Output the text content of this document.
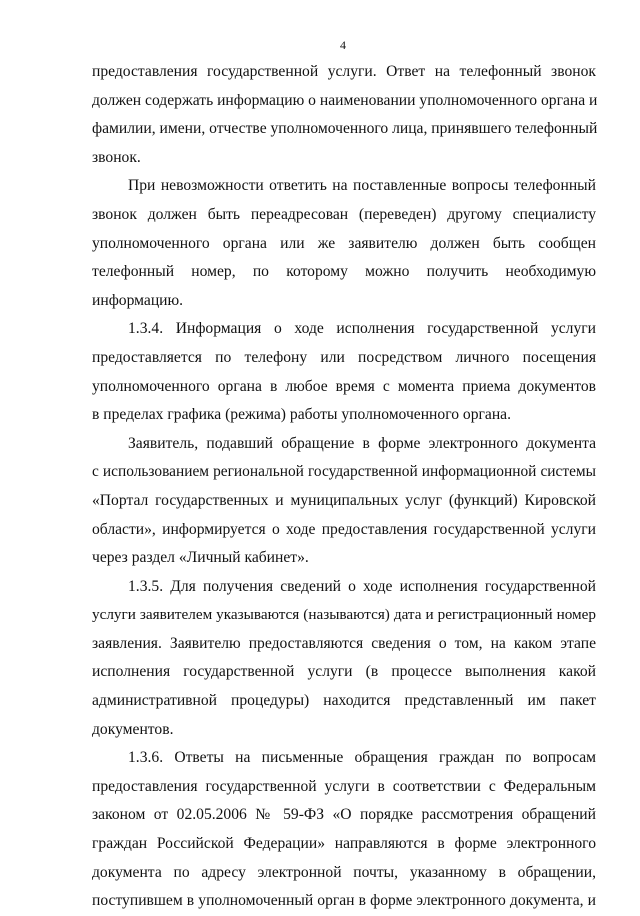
4
предоставления государственной услуги. Ответ на телефонный звонок
должен содержать информацию о наименовании уполномоченного органа и
фамилии, имени, отчестве уполномоченного лица, принявшего телефонный
звонок.
При невозможности ответить на поставленные вопросы телефонный
звонок должен быть переадресован (переведен) другому специалисту
уполномоченного органа или же заявителю должен быть сообщен
телефонный номер, по которому можно получить необходимую
информацию.
1.3.4. Информация о ходе исполнения государственной услуги
предоставляется по телефону или посредством личного посещения
уполномоченного органа в любое время с момента приема документов
в пределах графика (режима) работы уполномоченного органа.
Заявитель, подавший обращение в форме электронного документа
с использованием региональной государственной информационной системы
«Портал государственных и муниципальных услуг (функций) Кировской
области», информируется о ходе предоставления государственной услуги
через раздел «Личный кабинет».
1.3.5. Для получения сведений о ходе исполнения государственной
услуги заявителем указываются (называются) дата и регистрационный номер
заявления. Заявителю предоставляются сведения о том, на каком этапе
исполнения государственной услуги (в процессе выполнения какой
административной процедуры) находится представленный им пакет
документов.
1.3.6. Ответы на письменные обращения граждан по вопросам
предоставления государственной услуги в соответствии с Федеральным
законом от 02.05.2006 № 59-ФЗ «О порядке рассмотрения обращений
граждан Российской Федерации» направляются в форме электронного
документа по адресу электронной почты, указанному в обращении,
поступившем в уполномоченный орган в форме электронного документа, и
